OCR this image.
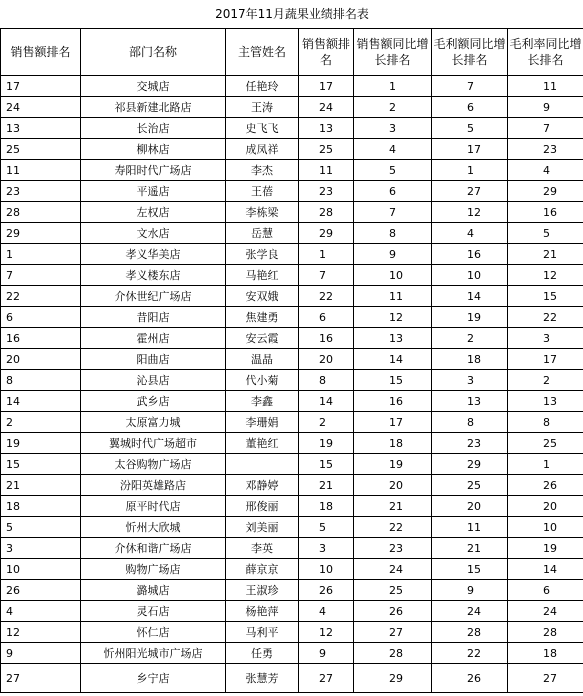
2017年11月蔬果业绩排名表						
销售额排名	部门名称	主管姓名	销售额排名	销售额同比增长排名	毛利额同比增长排名	毛利率同比增长排名
17	交城店	任艳玲	17	1	7	11
24	祁县新建北路店	王涛	24	2	6	9
13	长治店	史飞飞	13	3	5	7
25	柳林店	成凤祥	25	4	17	23
11	寿阳时代广场店	李杰	11	5	1	4
23	平遥店	王蓓	23	6	27	29
28	左权店	李栋梁	28	7	12	16
29	文水店	岳慧	29	8	4	5
1	孝义华美店	张学良	1	9	16	21
7	孝义楼东店	马艳红	7	10	10	12
22	介休世纪广场店	安双娥	22	11	14	15
6	昔阳店	焦建勇	6	12	19	22
16	霍州店	安云霞	16	13	2	3
20	阳曲店	温晶	20	14	18	17
8	沁县店	代小菊	8	15	3	2
14	武乡店	李鑫	14	16	13	13
2	太原富力城	李珊娟	2	17	8	8
19	翼城时代广场超市	董艳红	19	18	23	25
15	太谷购物广场店		15	19	29	1
21	汾阳英雄路店	邓静婷	21	20	25	26
18	原平时代店	邢俊丽	18	21	20	20
5	忻州大欣城	刘美丽	5	22	11	10
3	介休和谐广场店	李英	3	23	21	19
10	购物广场店	薛京京	10	24	15	14
26	潞城店	王淑珍	26	25	9	6
4	灵石店	杨艳萍	4	26	24	24
12	怀仁店	马利平	12	27	28	28
9	忻州阳光城市广场店	任勇	9	28	22	18
27	乡宁店	张慧芳	27	29	26	27
